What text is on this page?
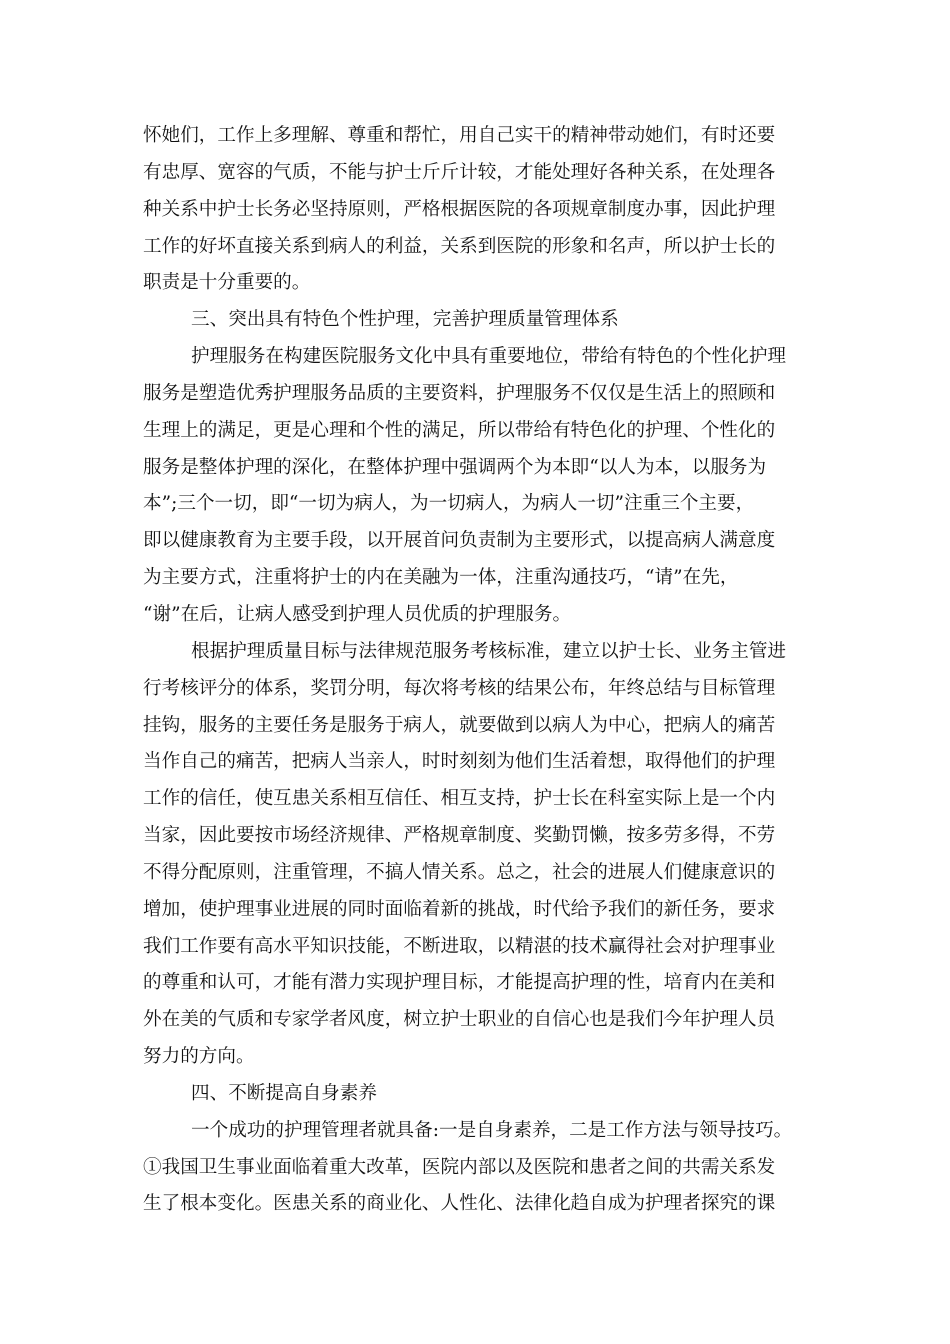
怀她们，工作上多理解、尊重和帮忙，用自己实干的精神带动她们，有时还要
有忠厚、宽容的气质，不能与护士斤斤计较，才能处理好各种关系，在处理各
种关系中护士长务必坚持原则，严格根据医院的各项规章制度办事，因此护理
工作的好坏直接关系到病人的利益，关系到医院的形象和名声，所以护士长的
职责是十分重要的。
三、突出具有特色个性护理，完善护理质量管理体系
护理服务在构建医院服务文化中具有重要地位，带给有特色的个性化护理
服务是塑造优秀护理服务品质的主要资料，护理服务不仅仅是生活上的照顾和
生理上的满足，更是心理和个性的满足，所以带给有特色化的护理、个性化的
服务是整体护理的深化，在整体护理中强调两个为本即“以人为本，以服务为
本”;三个一切，即“一切为病人，为一切病人，为病人一切”注重三个主要，
即以健康教育为主要手段，以开展首问负责制为主要形式，以提高病人满意度
为主要方式，注重将护士的内在美融为一体，注重沟通技巧，“请”在先，
“谢”在后，让病人感受到护理人员优质的护理服务。
根据护理质量目标与法律规范服务考核标准，建立以护士长、业务主管进
行考核评分的体系，奖罚分明，每次将考核的结果公布，年终总结与目标管理
挂钩，服务的主要任务是服务于病人，就要做到以病人为中心，把病人的痛苦
当作自己的痛苦，把病人当亲人，时时刻刻为他们生活着想，取得他们的护理
工作的信任，使互患关系相互信任、相互支持，护士长在科室实际上是一个内
当家，因此要按市场经济规律、严格规章制度、奖勤罚懒，按多劳多得，不劳
不得分配原则，注重管理，不搞人情关系。总之，社会的进展人们健康意识的
增加，使护理事业进展的同时面临着新的挑战，时代给予我们的新任务，要求
我们工作要有高水平知识技能，不断进取，以精湛的技术赢得社会对护理事业
的尊重和认可，才能有潜力实现护理目标，才能提高护理的性，培育内在美和
外在美的气质和专家学者风度，树立护士职业的自信心也是我们今年护理人员
努力的方向。
四、不断提高自身素养
一个成功的护理管理者就具备:一是自身素养，二是工作方法与领导技巧。
①我国卫生事业面临着重大改革，医院内部以及医院和患者之间的共需关系发
生了根本变化。医患关系的商业化、人性化、法律化趋自成为护理者探究的课
